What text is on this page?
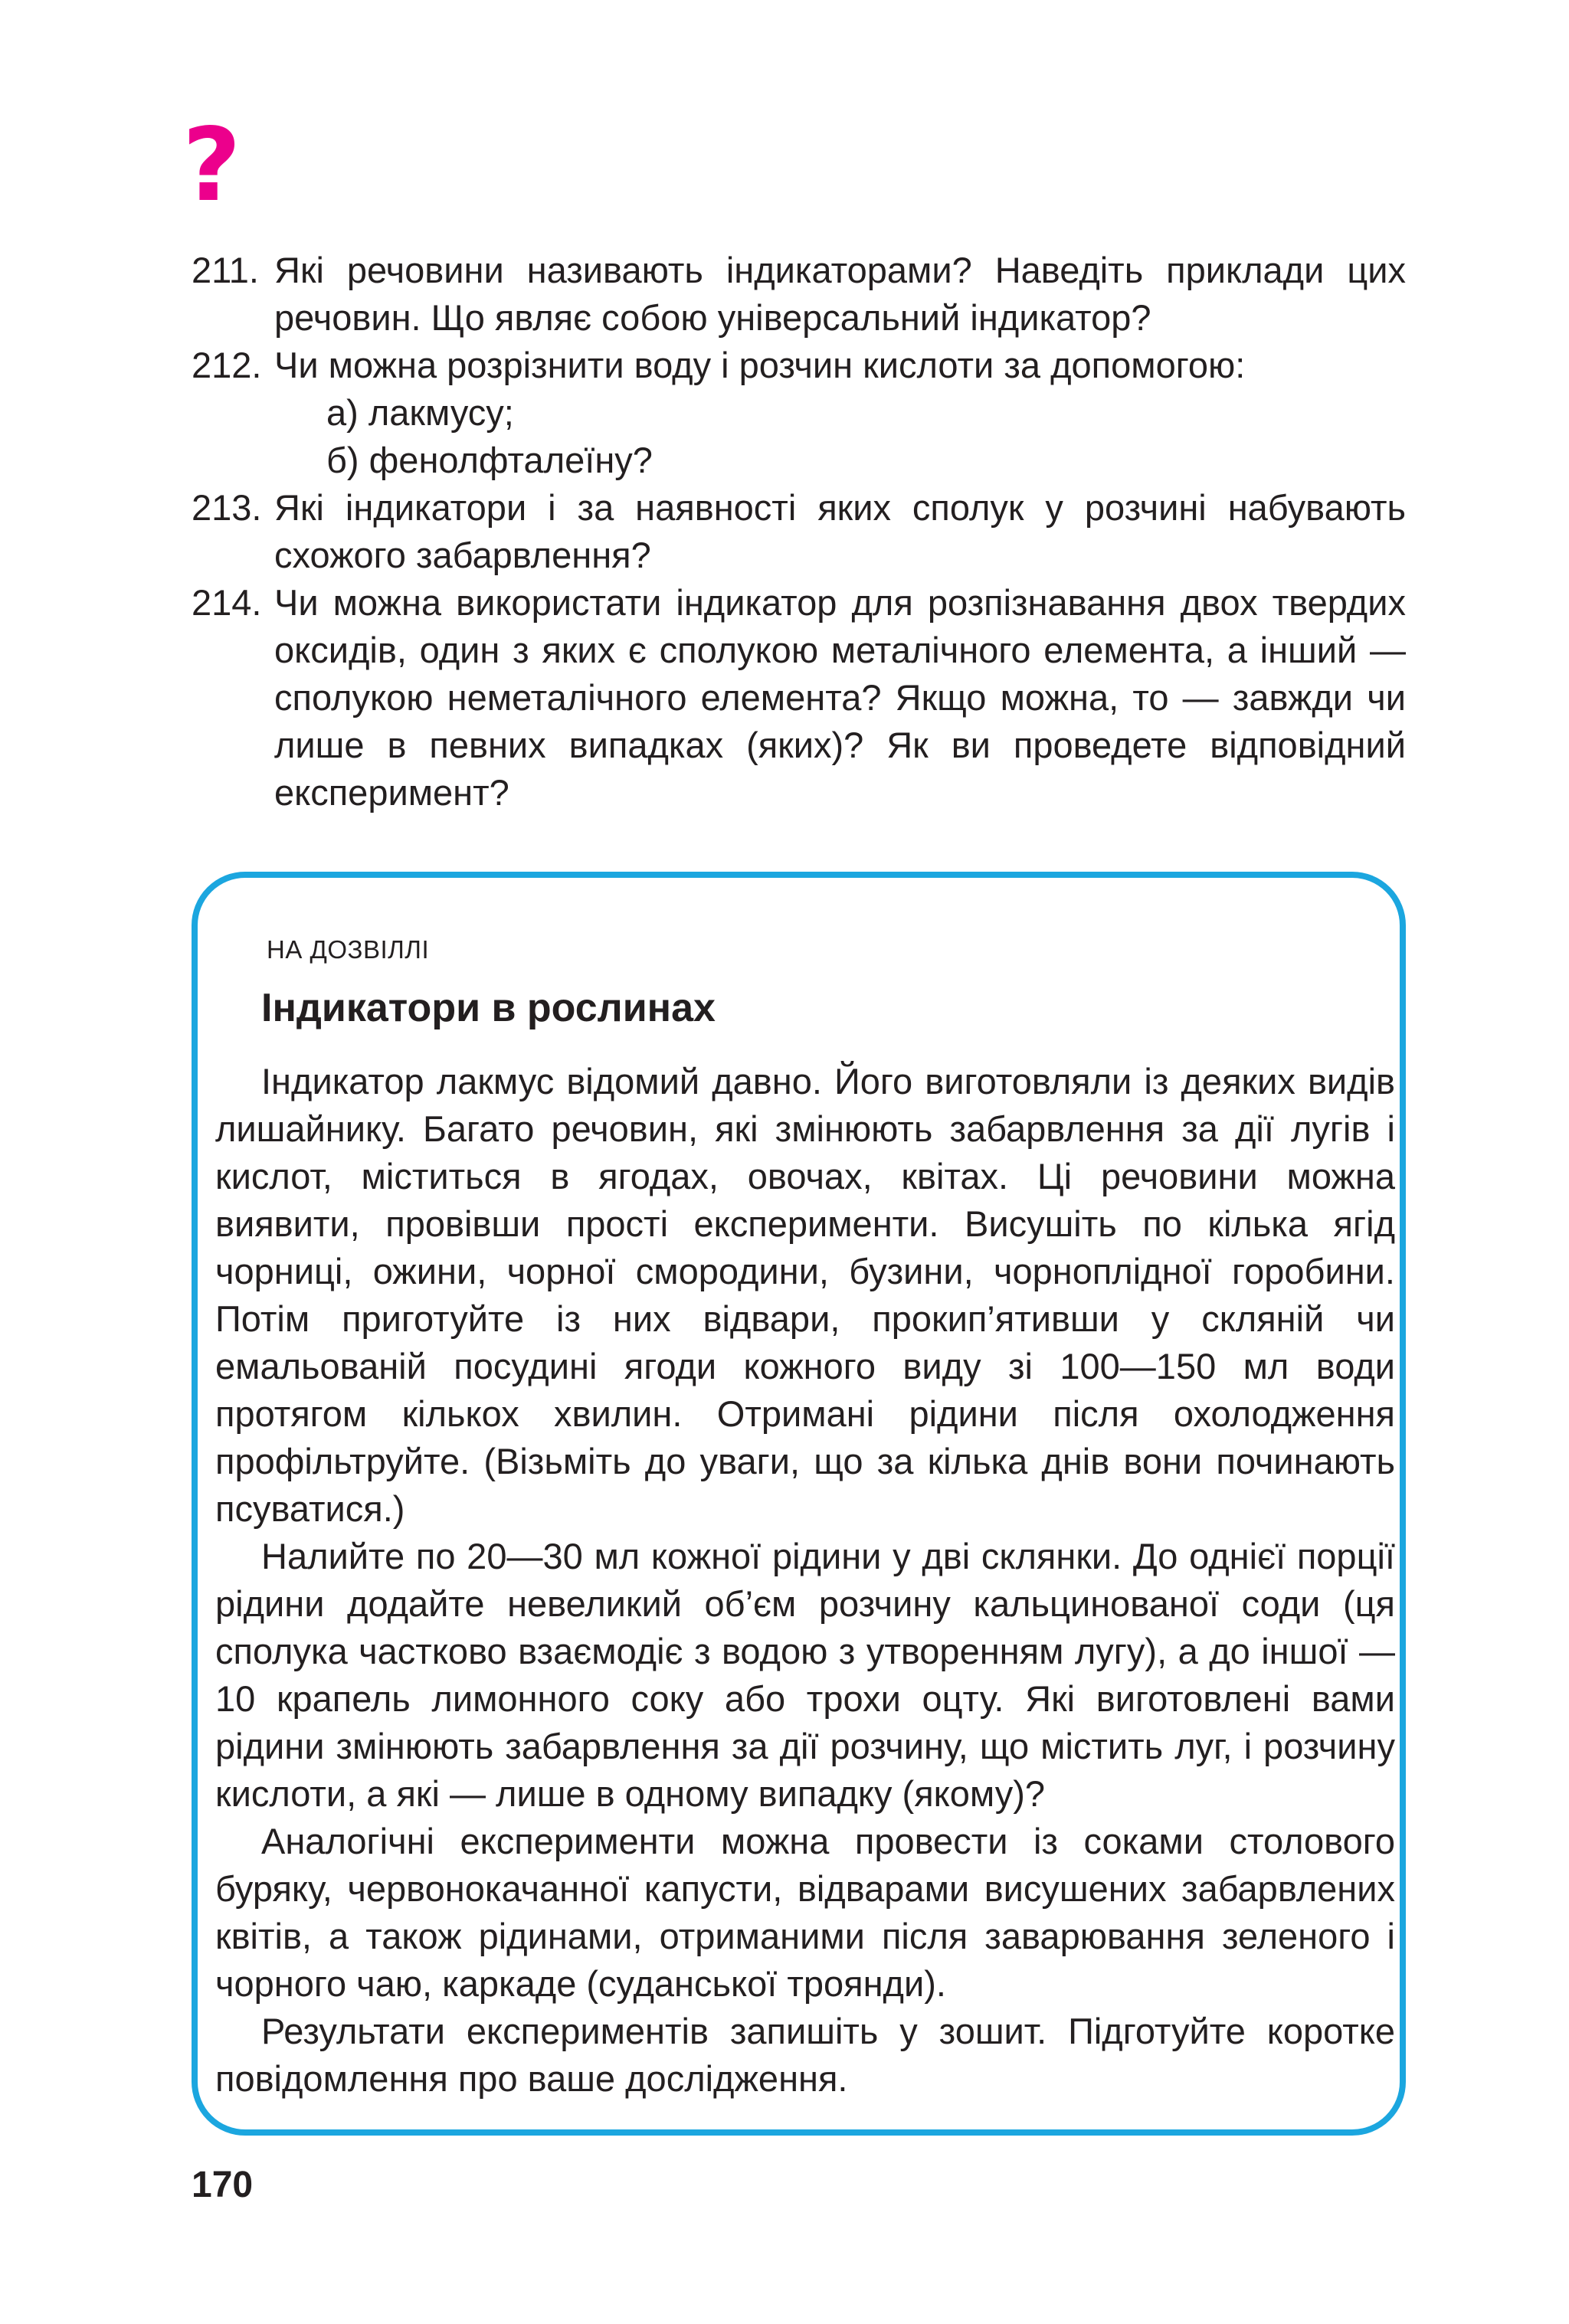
?
211. Які речовини називають індикаторами? Наведіть приклади цих речовин. Що являє собою універсальний індикатор?
212. Чи можна розрізнити воду і розчин кислоти за допомогою:
а) лакмусу;
б) фенолфталеїну?
213. Які індикатори і за наявності яких сполук у розчині набувають схожого забарвлення?
214. Чи можна використати індикатор для розпізнавання двох твердих оксидів, один з яких є сполукою металічного елемента, а інший — сполукою неметалічного елемента? Якщо можна, то — завжди чи лише в певних випадках (яких)? Як ви проведете відповідний експеримент?
НА ДОЗВІЛЛІ
Індикатори в рослинах

Індикатор лакмус відомий давно. Його виготовляли із деяких видів лишайнику. Багато речовин, які змінюють забарвлення за дії лугів і кислот, міститься в ягодах, овочах, квітах. Ці речовини можна виявити, провівши прості експерименти. Висушіть по кілька ягід чорниці, ожини, чорної смородини, бузини, чорноплідної горобини. Потім приготуйте із них відвари, прокип’ятивши у скляній чи емальованій посудині ягоди кожного виду зі 100—150 мл води протягом кількох хвилин. Отримані рідини після охолодження профільтруйте. (Візьміть до уваги, що за кілька днів вони починають псуватися.)

Налийте по 20—30 мл кожної рідини у дві склянки. До однієї порції рідини додайте невеликий об’єм розчину кальцинованої соди (ця сполука частково взаємодіє з водою з утворенням лугу), а до іншої — 10 крапель лимонного соку або трохи оцту. Які виготовлені вами рідини змінюють забарвлення за дії розчину, що містить луг, і розчину кислоти, а які — лише в одному випадку (якому)?

Аналогічні експерименти можна провести із соками столового буряку, червонокачанної капусти, відварами висушених забарвлених квітів, а також рідинами, отриманими після заварювання зеленого і чорного чаю, каркаде (суданської троянди).

Результати експериментів запишіть у зошит. Підготуйте коротке повідомлення про ваше дослідження.

170
